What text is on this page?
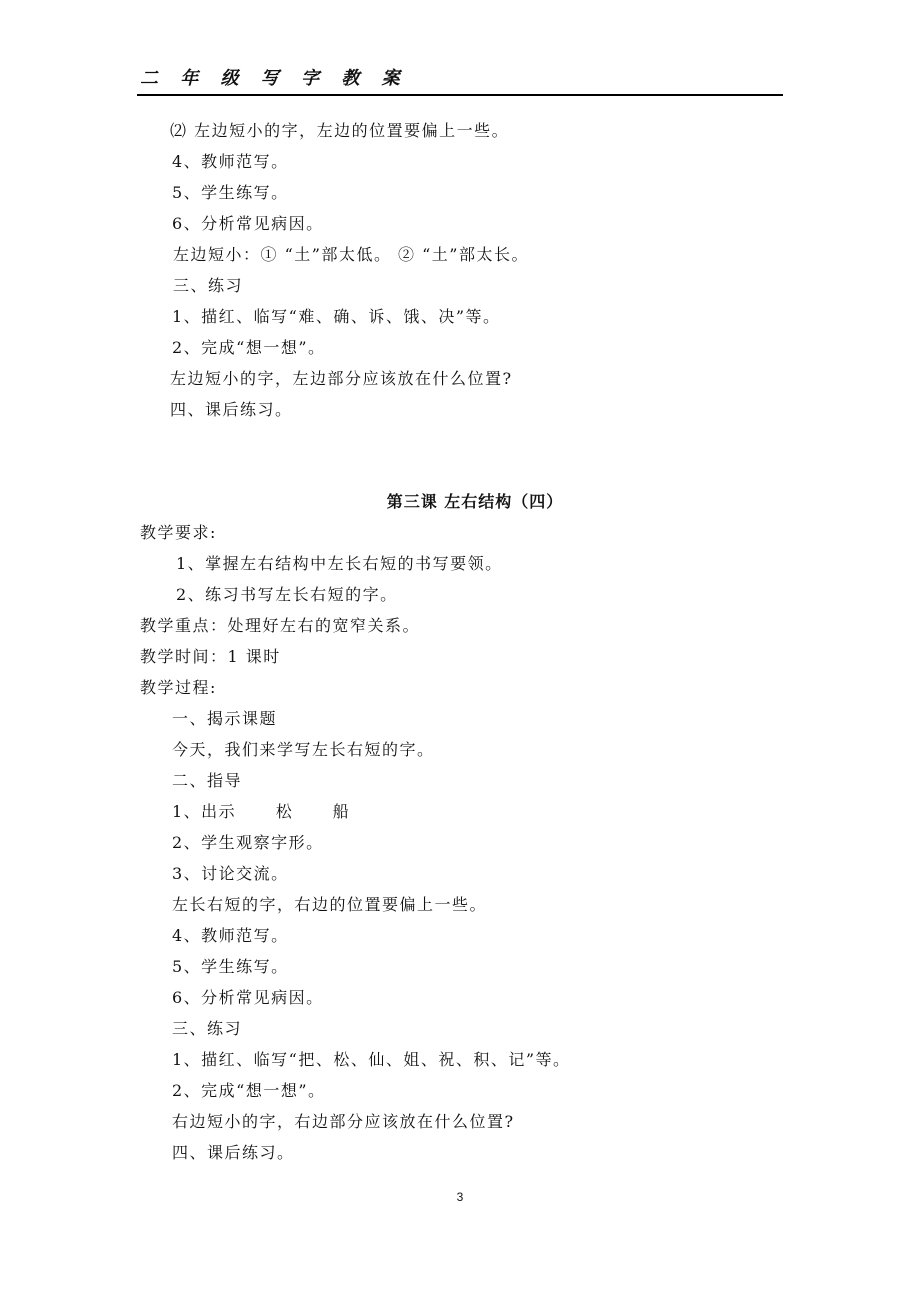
二 年 级 写 字 教 案
⑵ 左边短小的字，左边的位置要偏上一些。
4、教师范写。
5、学生练写。
6、分析常见病因。
左边短小：① “土”部太低。 ② “土”部太长。
三、练习
1、描红、临写“难、确、诉、饿、决”等。
2、完成“想一想”。
左边短小的字，左边部分应该放在什么位置?
四、课后练习。
第三课 左右结构（四）
教学要求:
1、掌握左右结构中左长右短的书写要领。
2、练习书写左长右短的字。
教学重点：处理好左右的宽窄关系。
教学时间：1 课时
教学过程:
一、揭示课题
今天，我们来学写左长右短的字。
二、指导
1、出示      松      船
2、学生观察字形。
3、讨论交流。
左长右短的字，右边的位置要偏上一些。
4、教师范写。
5、学生练写。
6、分析常见病因。
三、练习
1、描红、临写“把、松、仙、姐、祝、积、记”等。
2、完成“想一想”。
右边短小的字，右边部分应该放在什么位置?
四、课后练习。
3
